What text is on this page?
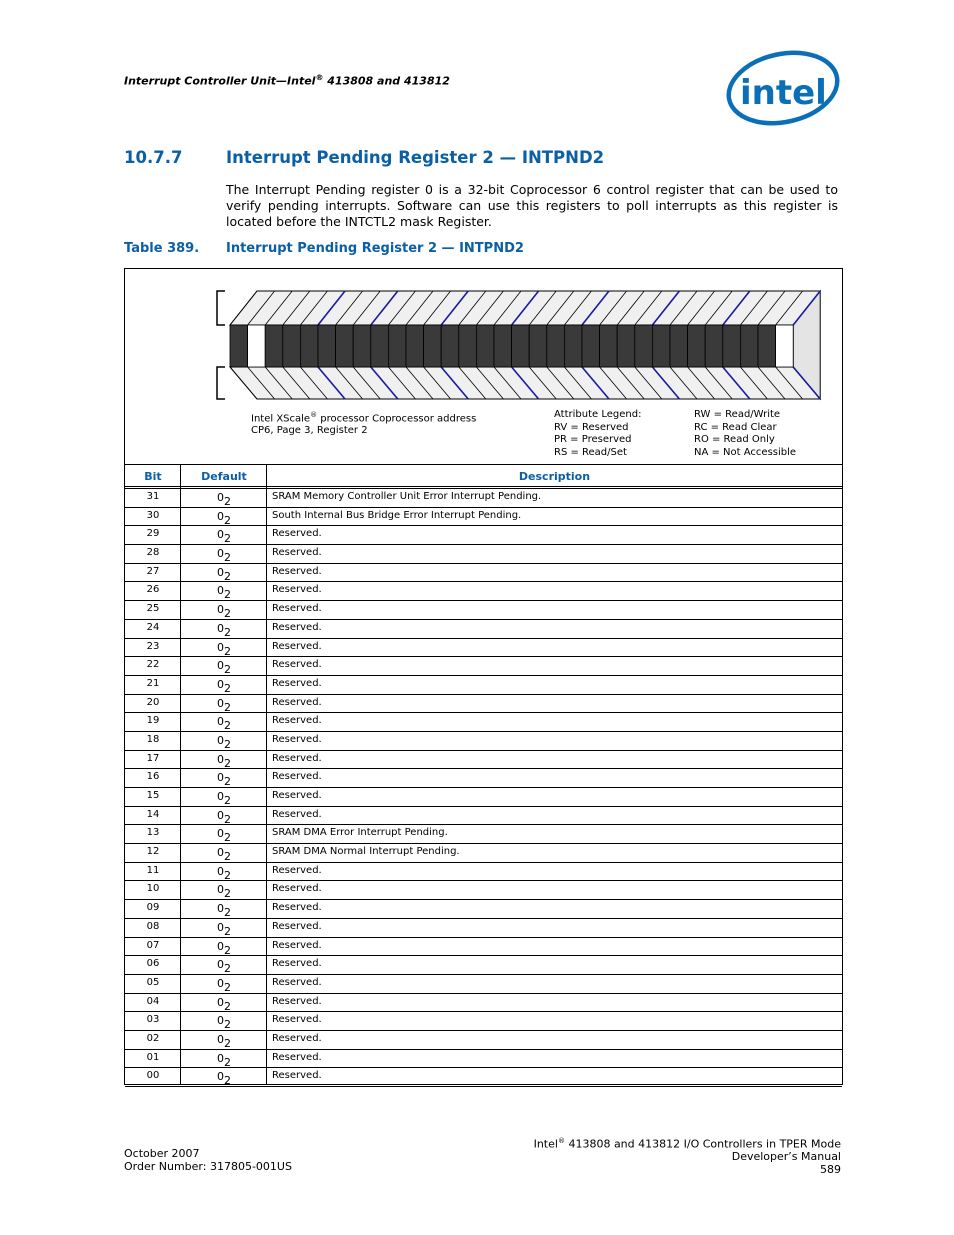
Interrupt Controller Unit—Intel® 413808 and 413812	intel
10.7.7	Interrupt Pending Register 2 — INTPND2
The Interrupt Pending register 0 is a 32-bit Coprocessor 6 control register that can be used to verify pending interrupts. Software can use this registers to poll interrupts as this register is located before the INTCTL2 mask Register.
Table 389. Interrupt Pending Register 2 — INTPND2
Intel XScale® processor Coprocessor address
CP6, Page 3, Register 2
Attribute Legend:
RV = Reserved
PR = Preserved
RS = Read/Set
RW = Read/Write
RC = Read Clear
RO = Read Only
NA = Not Accessible
Bit	Default	Description
31	$0_2$	SRAM Memory Controller Unit Error Interrupt Pending.
30	$0_2$	South Internal Bus Bridge Error Interrupt Pending.
29	$0_2$	Reserved.
28	$0_2$	Reserved.
27	$0_2$	Reserved.
26	$0_2$	Reserved.
25	$0_2$	Reserved.
24	$0_2$	Reserved.
23	$0_2$	Reserved.
22	$0_2$	Reserved.
21	$0_2$	Reserved.
20	$0_2$	Reserved.
19	$0_2$	Reserved.
18	$0_2$	Reserved.
17	$0_2$	Reserved.
16	$0_2$	Reserved.
15	$0_2$	Reserved.
14	$0_2$	Reserved.
13	$0_2$	SRAM DMA Error Interrupt Pending.
12	$0_2$	SRAM DMA Normal Interrupt Pending.
11	$0_2$	Reserved.
10	$0_2$	Reserved.
09	$0_2$	Reserved.
08	$0_2$	Reserved.
07	$0_2$	Reserved.
06	$0_2$	Reserved.
05	$0_2$	Reserved.
04	$0_2$	Reserved.
03	$0_2$	Reserved.
02	$0_2$	Reserved.
01	$0_2$	Reserved.
00	$0_2$	Reserved.
October 2007
Order Number: 317805-001US
Intel® 413808 and 413812 I/O Controllers in TPER Mode
Developer’s Manual
589
